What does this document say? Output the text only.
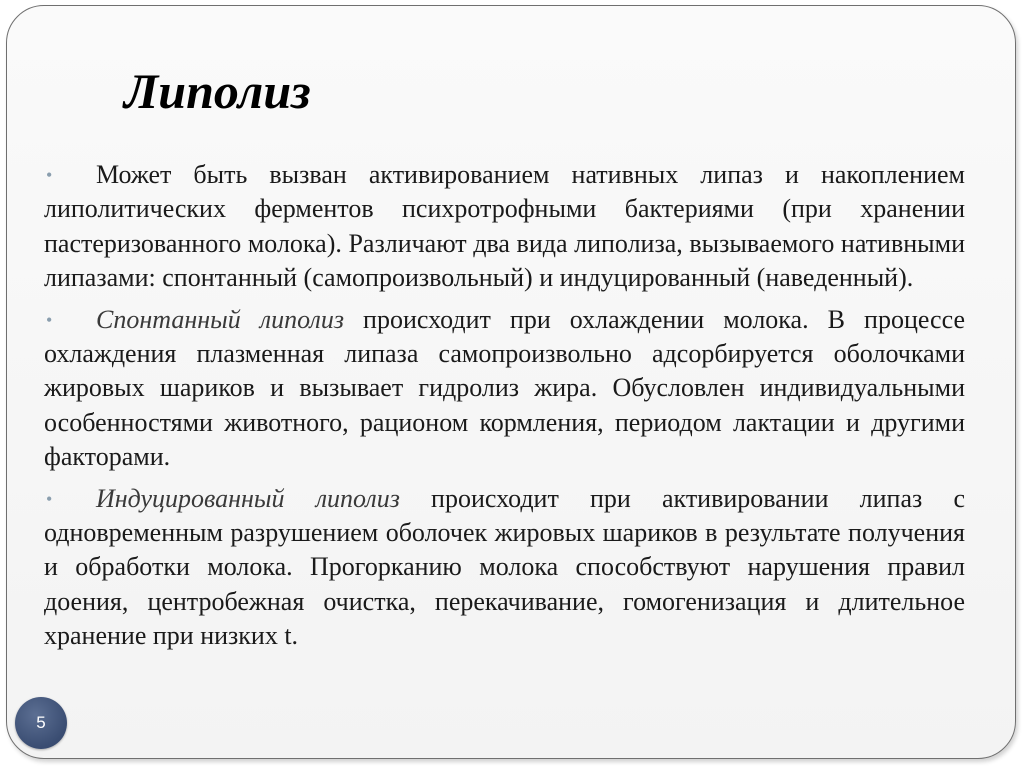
Липолиз

• Может быть вызван активированием нативных липаз и накоплением липолитических ферментов психротрофными бактериями (при хранении пастеризованного молока). Различают два вида липолиза, вызываемого нативными липазами: спонтанный (самопроизвольный) и индуцированный (наведенный).

• Спонтанный липолиз происходит при охлаждении молока. В процессе охлаждения плазменная липаза самопроизвольно адсорбируется оболочками жировых шариков и вызывает гидролиз жира. Обусловлен индивидуальными особенностями животного, рационом кормления, периодом лактации и другими факторами.

• Индуцированный липолиз происходит при активировании липаз с одновременным разрушением оболочек жировых шариков в результате получения и обработки молока. Прогорканию молока способствуют нарушения правил доения, центробежная очистка, перекачивание, гомогенизация и длительное хранение при низких t.

5
